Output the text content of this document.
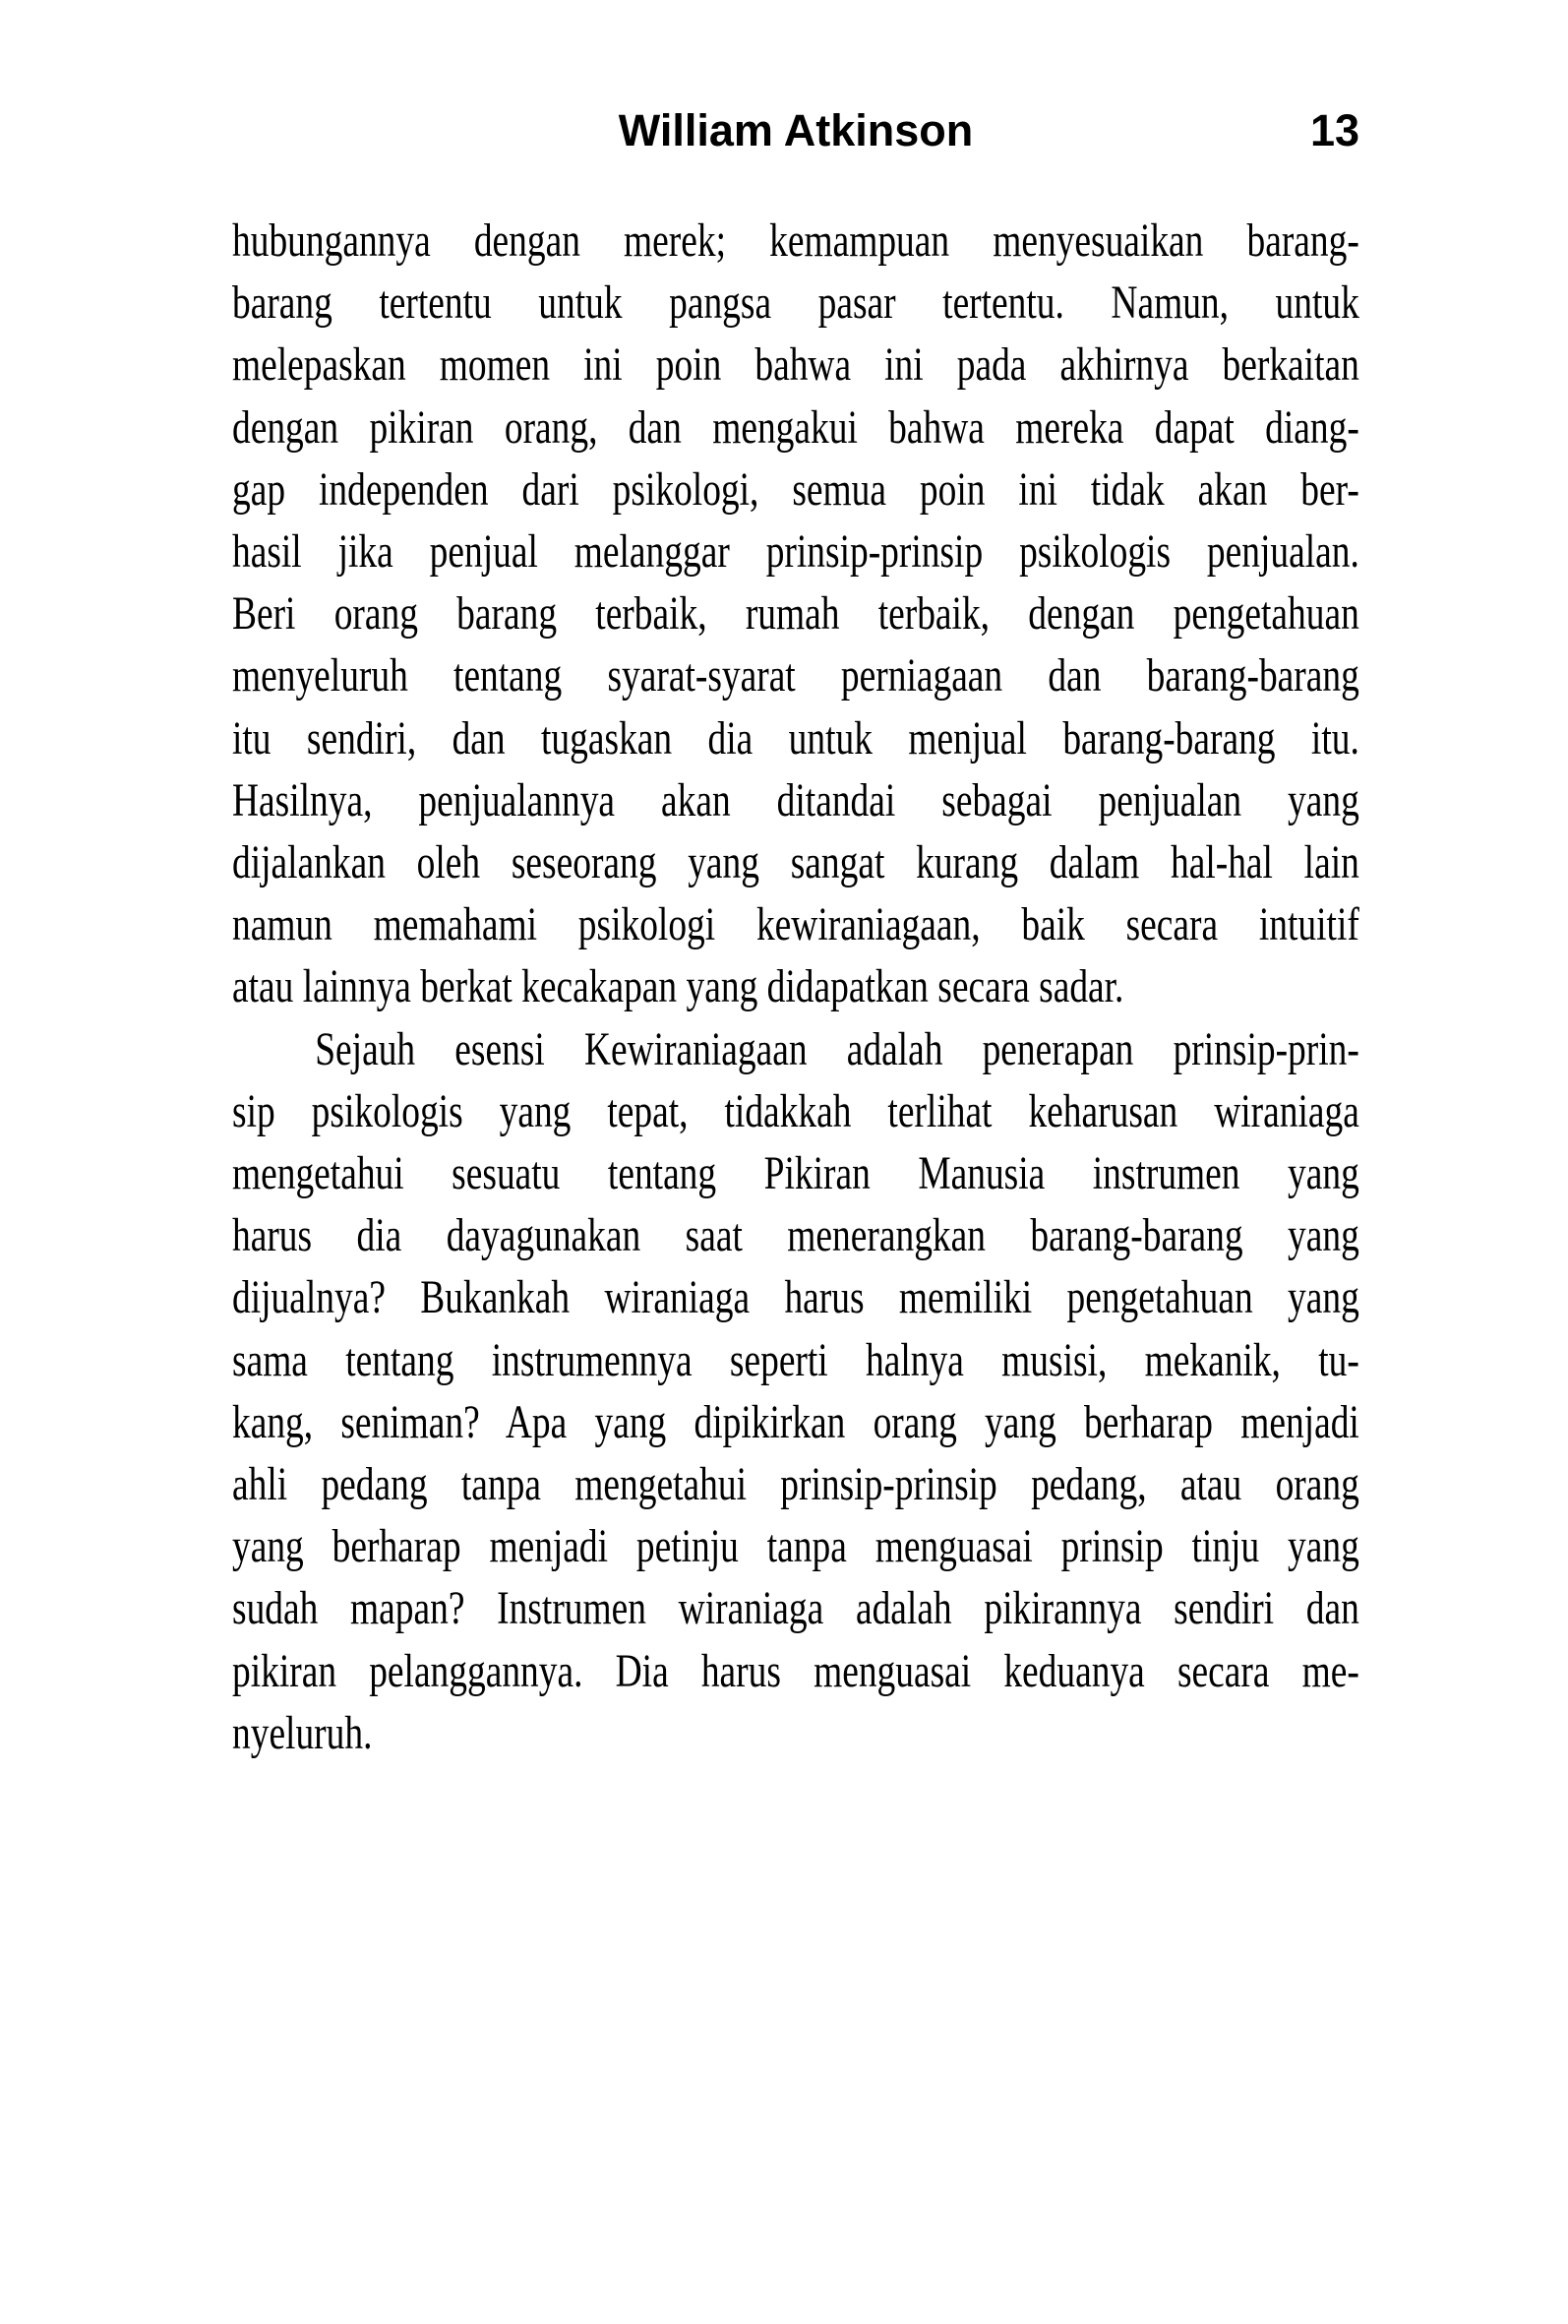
William Atkinson	13
hubungannya dengan merek; kemampuan menyesuaikan barang-
barang tertentu untuk pangsa pasar tertentu. Namun, untuk
melepaskan momen ini poin bahwa ini pada akhirnya berkaitan
dengan pikiran orang, dan mengakui bahwa mereka dapat diang-
gap independen dari psikologi, semua poin ini tidak akan ber-
hasil jika penjual melanggar prinsip-prinsip psikologis penjualan.
Beri orang barang terbaik, rumah terbaik, dengan pengetahuan
menyeluruh tentang syarat-syarat perniagaan dan barang-barang
itu sendiri, dan tugaskan dia untuk menjual barang-barang itu.
Hasilnya, penjualannya akan ditandai sebagai penjualan yang
dijalankan oleh seseorang yang sangat kurang dalam hal-hal lain
namun memahami psikologi kewiraniagaan, baik secara intuitif
atau lainnya berkat kecakapan yang didapatkan secara sadar.
Sejauh esensi Kewiraniagaan adalah penerapan prinsip-prin-
sip psikologis yang tepat, tidakkah terlihat keharusan wiraniaga
mengetahui sesuatu tentang Pikiran Manusia instrumen yang
harus dia dayagunakan saat menerangkan barang-barang yang
dijualnya? Bukankah wiraniaga harus memiliki pengetahuan yang
sama tentang instrumennya seperti halnya musisi, mekanik, tu-
kang, seniman? Apa yang dipikirkan orang yang berharap menjadi
ahli pedang tanpa mengetahui prinsip-prinsip pedang, atau orang
yang berharap menjadi petinju tanpa menguasai prinsip tinju yang
sudah mapan? Instrumen wiraniaga adalah pikirannya sendiri dan
pikiran pelanggannya. Dia harus menguasai keduanya secara me-
nyeluruh.
